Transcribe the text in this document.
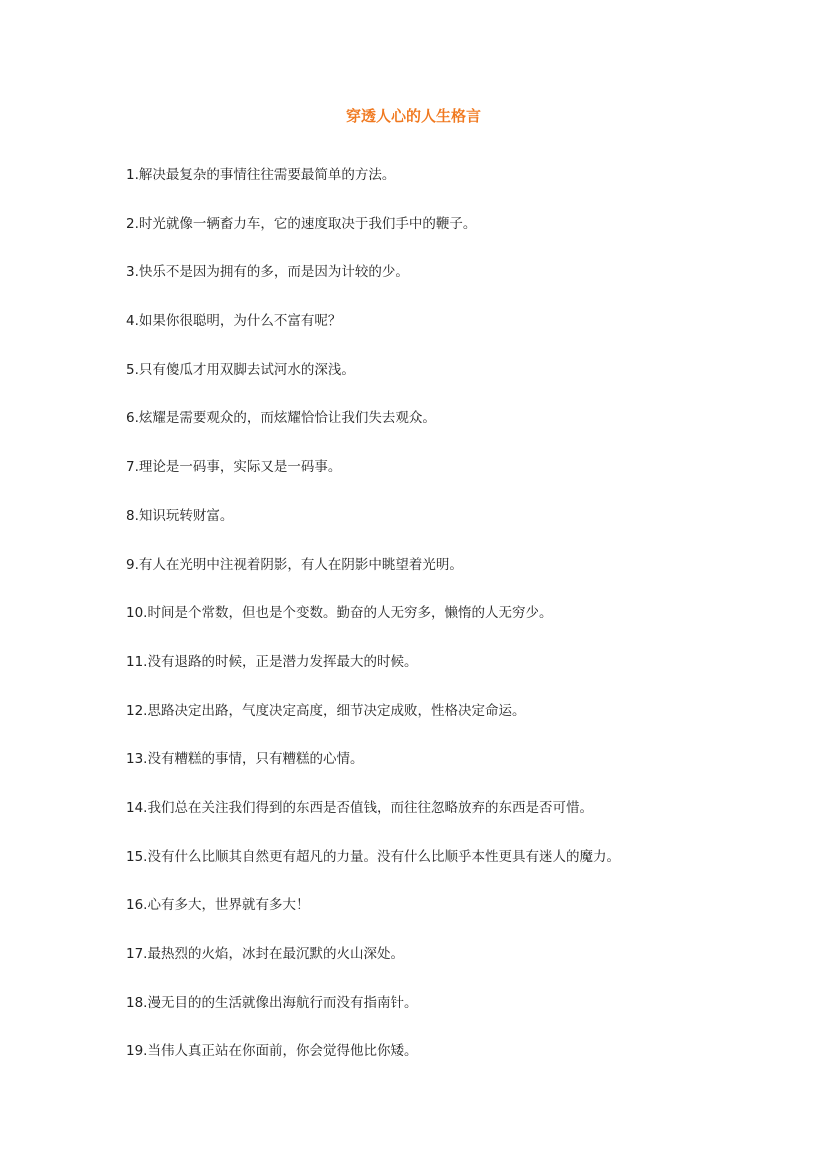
穿透人心的人生格言
1.解决最复杂的事情往往需要最简单的方法。
2.时光就像一辆畜力车，它的速度取决于我们手中的鞭子。
3.快乐不是因为拥有的多，而是因为计较的少。
4.如果你很聪明，为什么不富有呢？
5.只有傻瓜才用双脚去试河水的深浅。
6.炫耀是需要观众的，而炫耀恰恰让我们失去观众。
7.理论是一码事，实际又是一码事。
8.知识玩转财富。
9.有人在光明中注视着阴影，有人在阴影中眺望着光明。
10.时间是个常数，但也是个变数。勤奋的人无穷多，懒惰的人无穷少。
11.没有退路的时候，正是潜力发挥最大的时候。
12.思路决定出路，气度决定高度，细节决定成败，性格决定命运。
13.没有糟糕的事情，只有糟糕的心情。
14.我们总在关注我们得到的东西是否值钱，而往往忽略放弃的东西是否可惜。
15.没有什么比顺其自然更有超凡的力量。没有什么比顺乎本性更具有迷人的魔力。
16.心有多大，世界就有多大！
17.最热烈的火焰，冰封在最沉默的火山深处。
18.漫无目的的生活就像出海航行而没有指南针。
19.当伟人真正站在你面前，你会觉得他比你矮。
